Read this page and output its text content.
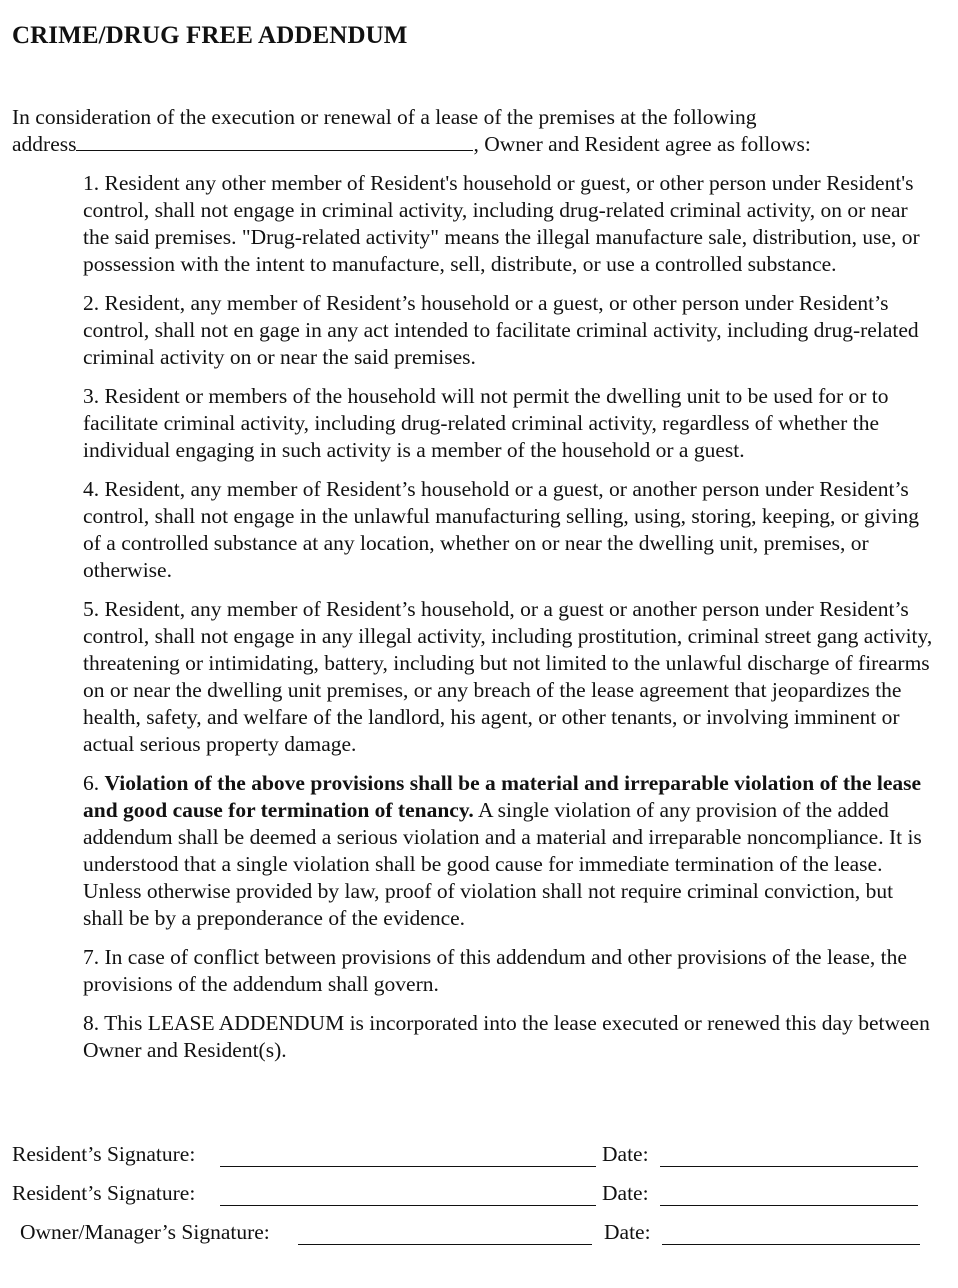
CRIME/DRUG FREE ADDENDUM
In consideration of the execution or renewal of a lease of the premises at the following
address	, Owner and Resident agree as follows:

1. Resident any other member of Resident's household or guest, or other person under Resident's control, shall not engage in criminal activity, including drug-related criminal activity, on or near the said premises. "Drug-related activity" means the illegal manufacture sale, distribution, use, or possession with the intent to manufacture, sell, distribute, or use a controlled substance.

2. Resident, any member of Resident’s household or a guest, or other person under Resident’s control, shall not en gage in any act intended to facilitate criminal activity, including drug-related criminal activity on or near the said premises.

3. Resident or members of the household will not permit the dwelling unit to be used for or to facilitate criminal activity, including drug-related criminal activity, regardless of whether the individual engaging in such activity is a member of the household or a guest.

4. Resident, any member of Resident’s household or a guest, or another person under Resident’s control, shall not engage in the unlawful manufacturing selling, using, storing, keeping, or giving of a controlled substance at any location, whether on or near the dwelling unit, premises, or otherwise.

5. Resident, any member of Resident’s household, or a guest or another person under Resident’s control, shall not engage in any illegal activity, including prostitution, criminal street gang activity, threatening or intimidating, battery, including but not limited to the unlawful discharge of firearms on or near the dwelling unit premises, or any breach of the lease agreement that jeopardizes the health, safety, and welfare of the landlord, his agent, or other tenants, or involving imminent or actual serious property damage.

6. Violation of the above provisions shall be a material and irreparable violation of the lease and good cause for termination of tenancy. A single violation of any provision of the added addendum shall be deemed a serious violation and a material and irreparable noncompliance. It is understood that a single violation shall be good cause for immediate termination of the lease. Unless otherwise provided by law, proof of violation shall not require criminal conviction, but shall be by a preponderance of the evidence.

7. In case of conflict between provisions of this addendum and other provisions of the lease, the provisions of the addendum shall govern.

8. This LEASE ADDENDUM is incorporated into the lease executed or renewed this day between Owner and Resident(s).

Resident’s Signature:	Date:
Resident’s Signature:	Date:
Owner/Manager’s Signature:	Date:
